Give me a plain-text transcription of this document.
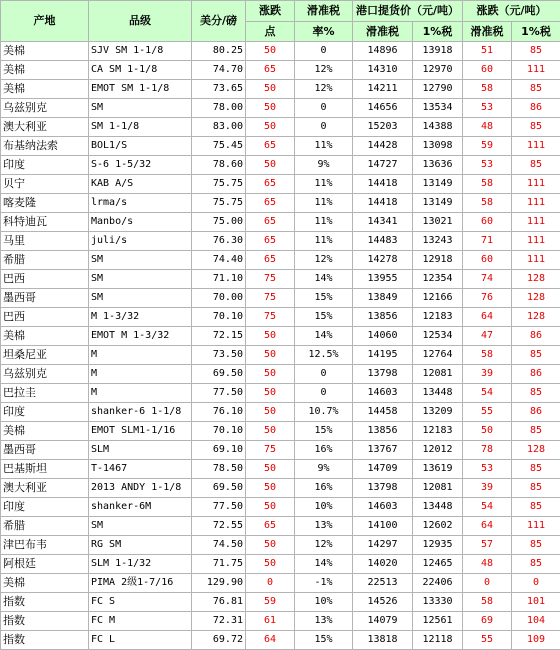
产地	品级	美分/磅	涨跌	滑准税	港口提货价（元/吨）		涨跌（元/吨）	
			点	率%	滑准税	1%税	滑准税	1%税
美棉	SJV SM 1-1/8	80.25	50	0	14896	13918	51	85
美棉	CA SM 1-1/8	74.70	65	12%	14310	12970	60	111
美棉	EMOT SM 1-1/8	73.65	50	12%	14211	12790	58	85
乌兹别克	SM	78.00	50	0	14656	13534	53	86
澳大利亚	SM 1-1/8	83.00	50	0	15203	14388	48	85
布基纳法索	BOL1/S	75.45	65	11%	14428	13098	59	111
印度	S-6 1-5/32	78.60	50	9%	14727	13636	53	85
贝宁	KAB A/S	75.75	65	11%	14418	13149	58	111
喀麦隆	lrma/s	75.75	65	11%	14418	13149	58	111
科特迪瓦	Manbo/s	75.00	65	11%	14341	13021	60	111
马里	juli/s	76.30	65	11%	14483	13243	71	111
希腊	SM	74.40	65	12%	14278	12918	60	111
巴西	SM	71.10	75	14%	13955	12354	74	128
墨西哥	SM	70.00	75	15%	13849	12166	76	128
巴西	M 1-3/32	70.10	75	15%	13856	12183	64	128
美棉	EMOT M 1-3/32	72.15	50	14%	14060	12534	47	86
坦桑尼亚	M	73.50	50	12.5%	14195	12764	58	85
乌兹别克	M	69.50	50	0	13798	12081	39	86
巴拉圭	M	77.50	50	0	14603	13448	54	85
印度	shanker-6 1-1/8	76.10	50	10.7%	14458	13209	55	86
美棉	EMOT SLM1-1/16	70.10	50	15%	13856	12183	50	85
墨西哥	SLM	69.10	75	16%	13767	12012	78	128
巴基斯坦	T-1467	78.50	50	9%	14709	13619	53	85
澳大利亚	2013 ANDY 1-1/8	69.50	50	16%	13798	12081	39	85
印度	shanker-6M	77.50	50	10%	14603	13448	54	85
希腊	SM	72.55	65	13%	14100	12602	64	111
津巴布韦	RG SM	74.50	50	12%	14297	12935	57	85
阿根廷	SLM 1-1/32	71.75	50	14%	14020	12465	48	85
美棉	PIMA 2级1-7/16	129.90	0	-1%	22513	22406	0	0
指数	FC S	76.81	59	10%	14526	13330	58	101
指数	FC M	72.31	61	13%	14079	12561	69	104
指数	FC L	69.72	64	15%	13818	12118	55	109
